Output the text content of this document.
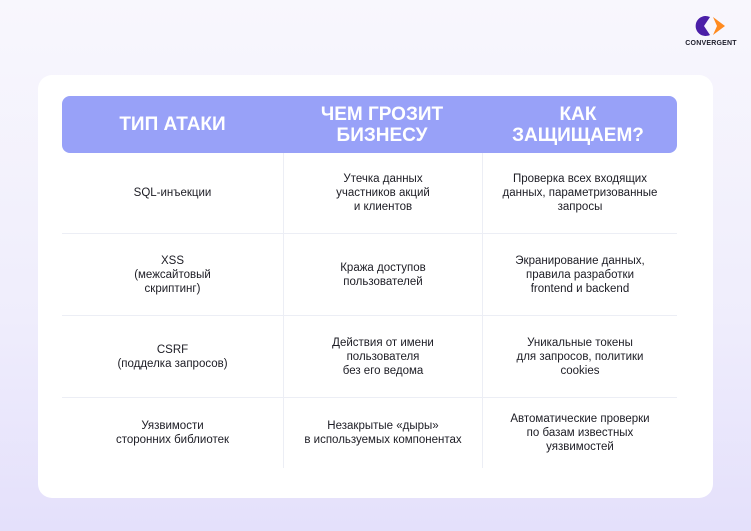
CONVERGENT
ТИП АТАКИ	ЧЕМ ГРОЗИТ
БИЗНЕСУ
КАК
ЗАЩИЩАЕМ?
SQL-инъекции
Утечка данных
участников акций
и клиентов
Проверка всех входящих
данных, параметризованные
запросы
XSS
(межсайтовый
скриптинг)
Кража доступов
пользователей
Экранирование данных,
правила разработки
frontend и backend
CSRF
(подделка запросов)
Действия от имени
пользователя
без его ведома
Уникальные токены
для запросов, политики
cookies
Уязвимости
сторонних библиотек
Незакрытые «дыры»
в используемых компонентах
Автоматические проверки
по базам известных
уязвимостей
